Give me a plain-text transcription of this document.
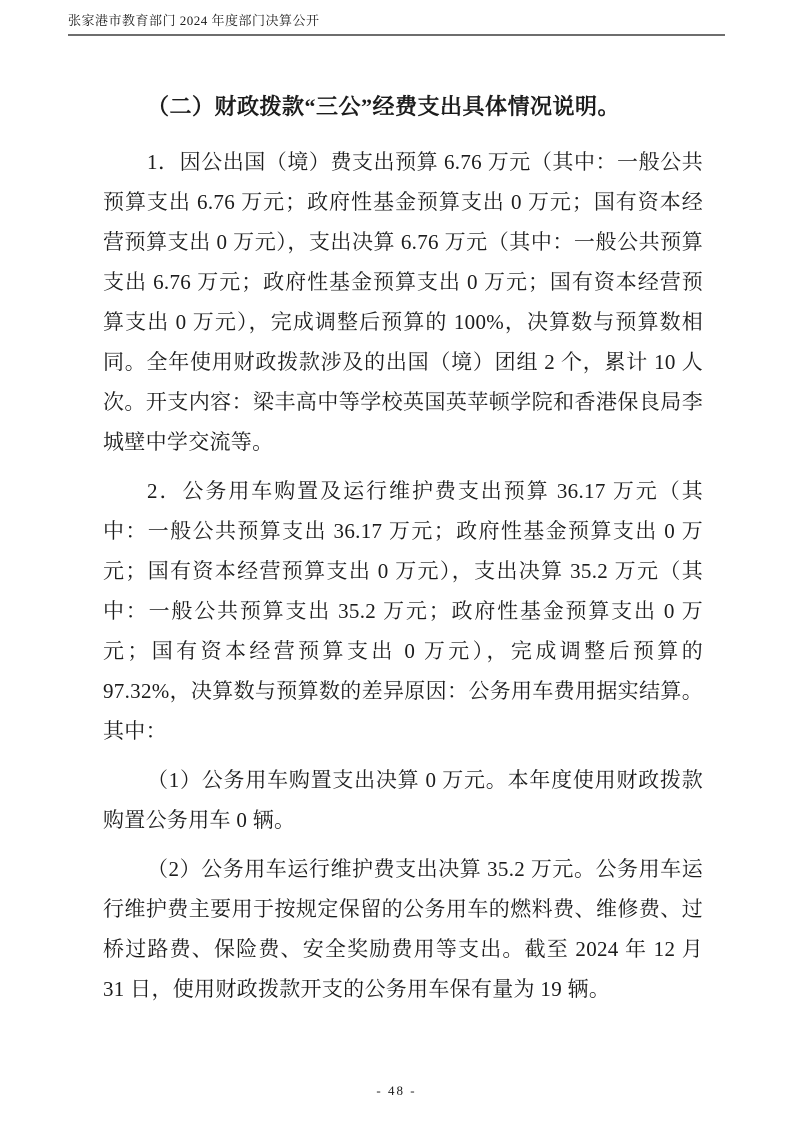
张家港市教育部门 2024 年度部门决算公开

（二）财政拨款“三公”经费支出具体情况说明。

1．因公出国（境）费支出预算 6.76 万元（其中：一般公共预算支出 6.76 万元；政府性基金预算支出 0 万元；国有资本经营预算支出 0 万元），支出决算 6.76 万元（其中：一般公共预算支出 6.76 万元；政府性基金预算支出 0 万元；国有资本经营预算支出 0 万元），完成调整后预算的 100%，决算数与预算数相同。全年使用财政拨款涉及的出国（境）团组 2 个，累计 10 人次。开支内容：梁丰高中等学校英国英苹顿学院和香港保良局李城壁中学交流等。

2．公务用车购置及运行维护费支出预算 36.17 万元（其中：一般公共预算支出 36.17 万元；政府性基金预算支出 0 万元；国有资本经营预算支出 0 万元），支出决算 35.2 万元（其中：一般公共预算支出 35.2 万元；政府性基金预算支出 0 万元；国有资本经营预算支出 0 万元），完成调整后预算的 97.32%，决算数与预算数的差异原因：公务用车费用据实结算。其中：

（1）公务用车购置支出决算 0 万元。本年度使用财政拨款购置公务用车 0 辆。

（2）公务用车运行维护费支出决算 35.2 万元。公务用车运行维护费主要用于按规定保留的公务用车的燃料费、维修费、过桥过路费、保险费、安全奖励费用等支出。截至 2024 年 12 月 31 日，使用财政拨款开支的公务用车保有量为 19 辆。

- 48 -
